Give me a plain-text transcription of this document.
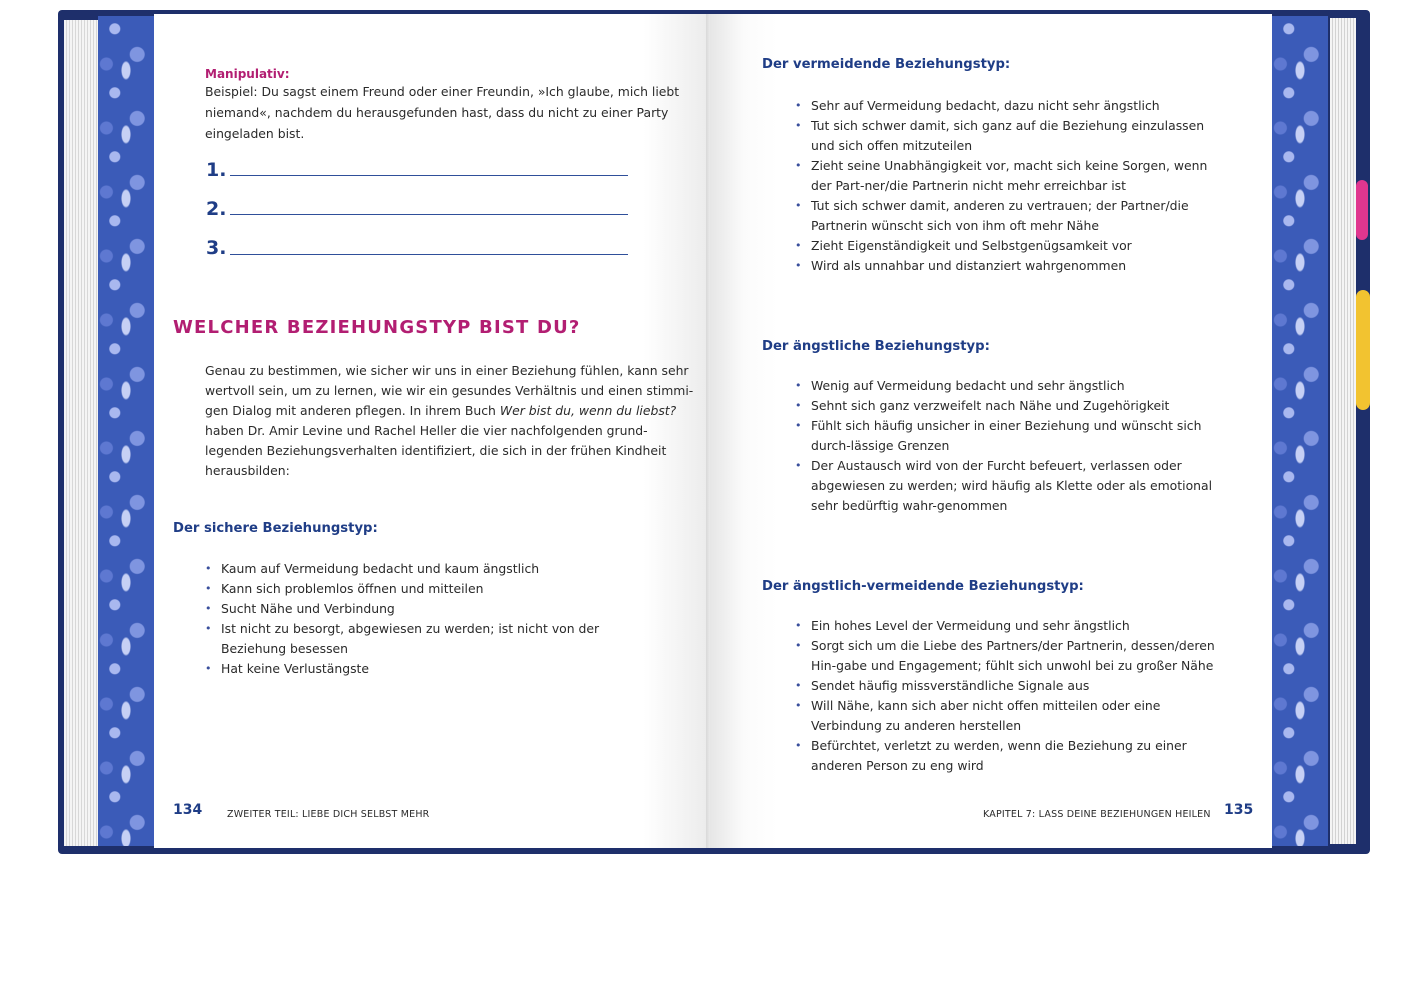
Manipulativ:
Beispiel: Du sagst einem Freund oder einer Freundin, »Ich glaube, mich liebt
niemand«, nachdem du herausgefunden hast, dass du nicht zu einer Party
eingeladen bist.
1.
2.
3.
WELCHER BEZIEHUNGSTYP BIST DU?
Genau zu bestimmen, wie sicher wir uns in einer Beziehung fühlen, kann sehr
wertvoll sein, um zu lernen, wie wir ein gesundes Verhältnis und einen stimmi-
gen Dialog mit anderen pflegen. In ihrem Buch Wer bist du, wenn du liebst?
haben Dr. Amir Levine und Rachel Heller die vier nachfolgenden grund-
legenden Beziehungsverhalten identifiziert, die sich in der frühen Kindheit
herausbilden:
Der sichere Beziehungstyp:
• Kaum auf Vermeidung bedacht und kaum ängstlich
• Kann sich problemlos öffnen und mitteilen
• Sucht Nähe und Verbindung
• Ist nicht zu besorgt, abgewiesen zu werden; ist nicht von der Beziehung besessen
• Hat keine Verlustängste
134	ZWEITER TEIL: LIEBE DICH SELBST MEHR
Der vermeidende Beziehungstyp:
• Sehr auf Vermeidung bedacht, dazu nicht sehr ängstlich
• Tut sich schwer damit, sich ganz auf die Beziehung einzulassen und sich offen mitzuteilen
• Zieht seine Unabhängigkeit vor, macht sich keine Sorgen, wenn der Part-ner/die Partnerin nicht mehr erreichbar ist
• Tut sich schwer damit, anderen zu vertrauen; der Partner/die Partnerin wünscht sich von ihm oft mehr Nähe
• Zieht Eigenständigkeit und Selbstgenügsamkeit vor
• Wird als unnahbar und distanziert wahrgenommen
Der ängstliche Beziehungstyp:
• Wenig auf Vermeidung bedacht und sehr ängstlich
• Sehnt sich ganz verzweifelt nach Nähe und Zugehörigkeit
• Fühlt sich häufig unsicher in einer Beziehung und wünscht sich durch-lässige Grenzen
• Der Austausch wird von der Furcht befeuert, verlassen oder abgewiesen zu werden; wird häufig als Klette oder als emotional sehr bedürftig wahr-genommen
Der ängstlich-vermeidende Beziehungstyp:
• Ein hohes Level der Vermeidung und sehr ängstlich
• Sorgt sich um die Liebe des Partners/der Partnerin, dessen/deren Hin-gabe und Engagement; fühlt sich unwohl bei zu großer Nähe
• Sendet häufig missverständliche Signale aus
• Will Nähe, kann sich aber nicht offen mitteilen oder eine Verbindung zu anderen herstellen
• Befürchtet, verletzt zu werden, wenn die Beziehung zu einer anderen Person zu eng wird
KAPITEL 7: LASS DEINE BEZIEHUNGEN HEILEN 135
